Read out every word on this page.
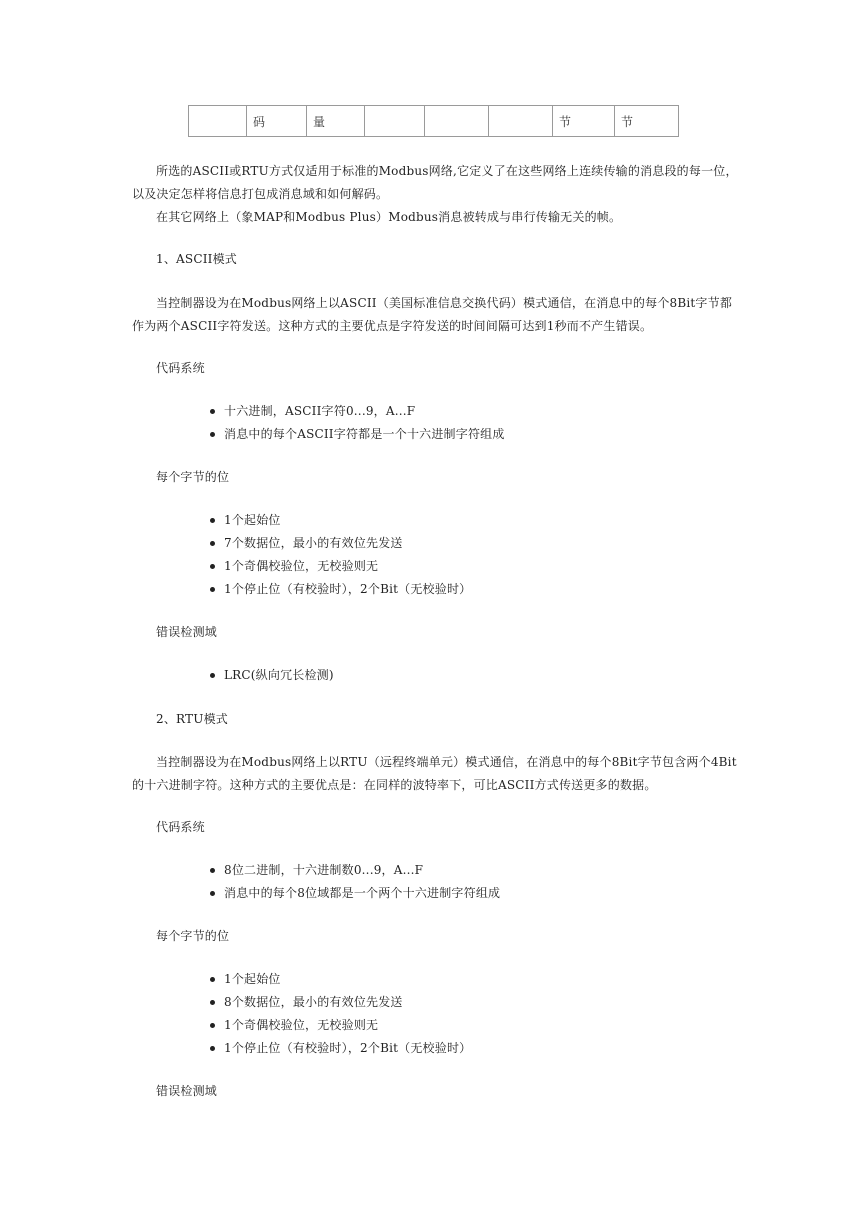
	码	量				节	节

所选的ASCII或RTU方式仅适用于标准的Modbus网络,它定义了在这些网络上连续传输的消息段的每一位，以及决定怎样将信息打包成消息域和如何解码。

在其它网络上（象MAP和Modbus Plus）Modbus消息被转成与串行传输无关的帧。

1、ASCII模式

当控制器设为在Modbus网络上以ASCII（美国标准信息交换代码）模式通信，在消息中的每个8Bit字节都作为两个ASCII字符发送。这种方式的主要优点是字符发送的时间间隔可达到1秒而不产生错误。

代码系统

十六进制，ASCII字符0...9，A...F
消息中的每个ASCII字符都是一个十六进制字符组成

每个字节的位

1个起始位
7个数据位，最小的有效位先发送
1个奇偶校验位，无校验则无
1个停止位（有校验时），2个Bit（无校验时）

错误检测域

LRC(纵向冗长检测)

2、RTU模式

当控制器设为在Modbus网络上以RTU（远程终端单元）模式通信，在消息中的每个8Bit字节包含两个4Bit的十六进制字符。这种方式的主要优点是：在同样的波特率下，可比ASCII方式传送更多的数据。

代码系统

8位二进制，十六进制数0...9，A...F
消息中的每个8位域都是一个两个十六进制字符组成

每个字节的位

1个起始位
8个数据位，最小的有效位先发送
1个奇偶校验位，无校验则无
1个停止位（有校验时），2个Bit（无校验时）

错误检测域
